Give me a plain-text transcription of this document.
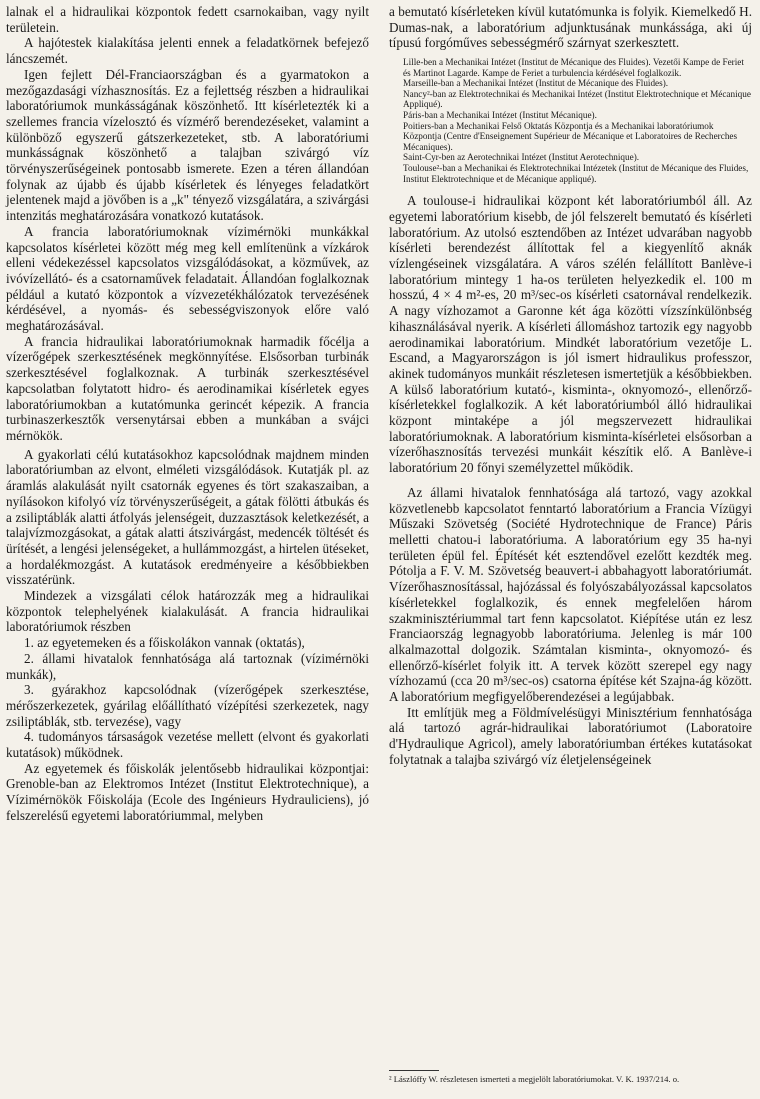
lalnak el a hidraulikai központok fedett csarnokaiban, vagy nyilt területein.

A hajótestek kialakítása jelenti ennek a feladatkörnek befejező láncszemét.

Igen fejlett Dél-Franciaországban és a gyarmatokon a mezőgazdasági vízhasznosítás. Ez a fejlettség részben a hidraulikai laboratóriumok munkásságának köszönhető. Itt kísérletezték ki a szellemes francia vízelosztó és vízmérő berendezéseket, valamint a különböző egyszerű gátszerkezeteket, stb. A laboratóriumi munkásságnak köszönhető a talajban szivárgó víz törvényszerűségeinek pontosabb ismerete. Ezen a téren állandóan folynak az újabb és újabb kísérletek és lényeges feladatkört jelentenek majd a jövőben is a „k" tényező vizsgálatára, a szivárgási intenzitás meghatározására vonatkozó kutatások.

A francia laboratóriumoknak vízimérnöki munkákkal kapcsolatos kísérletei között még meg kell említenünk a vízkárok elleni védekezéssel kapcsolatos vizsgálódásokat, a közművek, az ivóvízellátó- és a csatornaművek feladatait. Állandóan foglalkoznak például a kutató központok a vízvezetékhálózatok tervezésének kérdésével, a nyomás- és sebességviszonyok előre való meghatározásával.

A francia hidraulikai laboratóriumoknak harmadik főcélja a vízerőgépek szerkesztésének megkönnyítése. Elsősorban turbinák szerkesztésével foglalkoznak. A turbinák szerkesztésével kapcsolatban folytatott hidro- és aerodinamikai kísérletek egyes laboratóriumokban a kutatómunka gerincét képezik. A francia turbinaszerkesztők versenytársai ebben a munkában a svájci mérnökök.

A gyakorlati célú kutatásokhoz kapcsolódnak majdnem minden laboratóriumban az elvont, elméleti vizsgálódások. Kutatják pl. az áramlás alakulását nyilt csatornák egyenes és tört szakaszaiban, a nyílásokon kifolyó víz törvényszerűségeit, a gátak fölötti átbukás és a zsiliptáblák alatti átfolyás jelenségeit, duzzasztások keletkezését, a talajvízmozgásokat, a gátak alatti átszivárgást, medencék töltését és ürítését, a lengési jelenségeket, a hullámmozgást, a hirtelen ütéseket, a hordalékmozgást. A kutatások eredményeire a későbbiekben visszatérünk.

Mindezek a vizsgálati célok határozzák meg a hidraulikai központok telephelyének kialakulását. A francia hidraulikai laboratóriumok részben

1. az egyetemeken és a főiskolákon vannak (oktatás),

2. állami hivatalok fennhatósága alá tartoznak (vízimérnöki munkák),

3. gyárakhoz kapcsolódnak (vízerőgépek szerkesztése, mérőszerkezetek, gyárilag előállítható vízépítési szerkezetek, nagy zsiliptáblák, stb. tervezése), vagy

4. tudományos társaságok vezetése mellett (elvont és gyakorlati kutatások) működnek.

Az egyetemek és főiskolák jelentősebb hidraulikai központjai: Grenoble-ban az Elektromos Intézet (Institut Elektrotechnique), a Vízimérnökök Főiskolája (Ecole des Ingénieurs Hydrauliciens), jó felszerelésű egyetemi laboratóriummal, melyben

a bemutató kísérleteken kívül kutatómunka is folyik. Kiemelkedő H. Dumas-nak, a laboratórium adjunktusának munkássága, aki új típusú forgóműves sebességmérő szárnyat szerkesztett.

Lille-ben a Mechanikai Intézet (Institut de Mécanique des Fluides). Vezetői Kampe de Feriet és Martinot Lagarde. Kampe de Feriet a turbulencia kérdésével foglalkozik.

Marseille-ban a Mechanikai Intézet (Institut de Mécanique des Fluides).

Nancy²-ban az Elektrotechnikai és Mechanikai Intézet (Institut Elektrotechnique et Mécanique Appliqué).

Páris-ban a Mechanikai Intézet (Institut Mécanique).

Poitiers-ban a Mechanikai Felső Oktatás Központja és a Mechanikai laboratóriumok Központja (Centre d'Enseignement Supérieur de Mécanique et Laboratoires de Recherches Mécaniques).

Saint-Cyr-ben az Aerotechnikai Intézet (Institut Aerotechnique).

Toulouse²-ban a Mechanikai és Elektrotechnikai Intézetek (Institut de Mécanique des Fluides, Institut Elektrotechnique et de Mécanique appliqué).

A toulouse-i hidraulikai központ két laboratóriumból áll. Az egyetemi laboratórium kisebb, de jól felszerelt bemutató és kísérleti laboratórium. Az utolsó esztendőben az Intézet udvarában nagyobb kísérleti berendezést állítottak fel a kiegyenlítő aknák vízlengéseinek vizsgálatára. A város szélén felállított Banlève-i laboratórium mintegy 1 ha-os területen helyezkedik el. 100 m hosszú, 4 × 4 m²-es, 20 m³/sec-os kísérleti csatornával rendelkezik. A nagy vízhozamot a Garonne két ága közötti vízszínkülönbség kihasználásával nyerik. A kísérleti állomáshoz tartozik egy nagyobb aerodinamikai laboratórium. Mindkét laboratórium vezetője L. Escand, a Magyarországon is jól ismert hidraulikus professzor, akinek tudományos munkáit részletesen ismertetjük a későbbiekben. A külső laboratórium kutató-, kisminta-, oknyomozó-, ellenőrző-kísérletekkel foglalkozik. A két laboratóriumból álló hidraulikai központ mintaképe a jól megszervezett hidraulikai laboratóriumoknak. A laboratórium kisminta-kísérletei elsősorban a vízerőhasznosítás tervezési munkáit készítik elő. A Banlève-i laboratórium 20 főnyi személyzettel működik.

Az állami hivatalok fennhatósága alá tartozó, vagy azokkal közvetlenebb kapcsolatot fenntartó laboratórium a Francia Vízügyi Műszaki Szövetség (Société Hydrotechnique de France) Páris melletti chatou-i laboratóriuma. A laboratórium egy 35 ha-nyi területen épül fel. Építését két esztendővel ezelőtt kezdték meg. Pótolja a F. V. M. Szövetség beauvert-i abbahagyott laboratóriumát. Vízerőhasznosítással, hajózással és folyószabályozással kapcsolatos kísérletekkel foglalkozik, és ennek megfelelően három szakminisztériummal tart fenn kapcsolatot. Kiépítése után ez lesz Franciaország legnagyobb laboratóriuma. Jelenleg is már 100 alkalmazottal dolgozik. Számtalan kisminta-, oknyomozó- és ellenőrző-kísérlet folyik itt. A tervek között szerepel egy nagy vízhozamú (cca 20 m³/sec-os) csatorna építése két Szajna-ág között. A laboratórium megfigyelőberendezései a legújabbak.

Itt említjük meg a Földmívelésügyi Minisztérium fennhatósága alá tartozó agrár-hidraulikai laboratóriumot (Laboratoire d'Hydraulique Agricol), amely laboratóriumban értékes kutatásokat folytatnak a talajba szivárgó víz életjelenségeinek

² Lászlóffy W. részletesen ismerteti a megjelölt laboratóriumokat. V. K. 1937/214. o.
